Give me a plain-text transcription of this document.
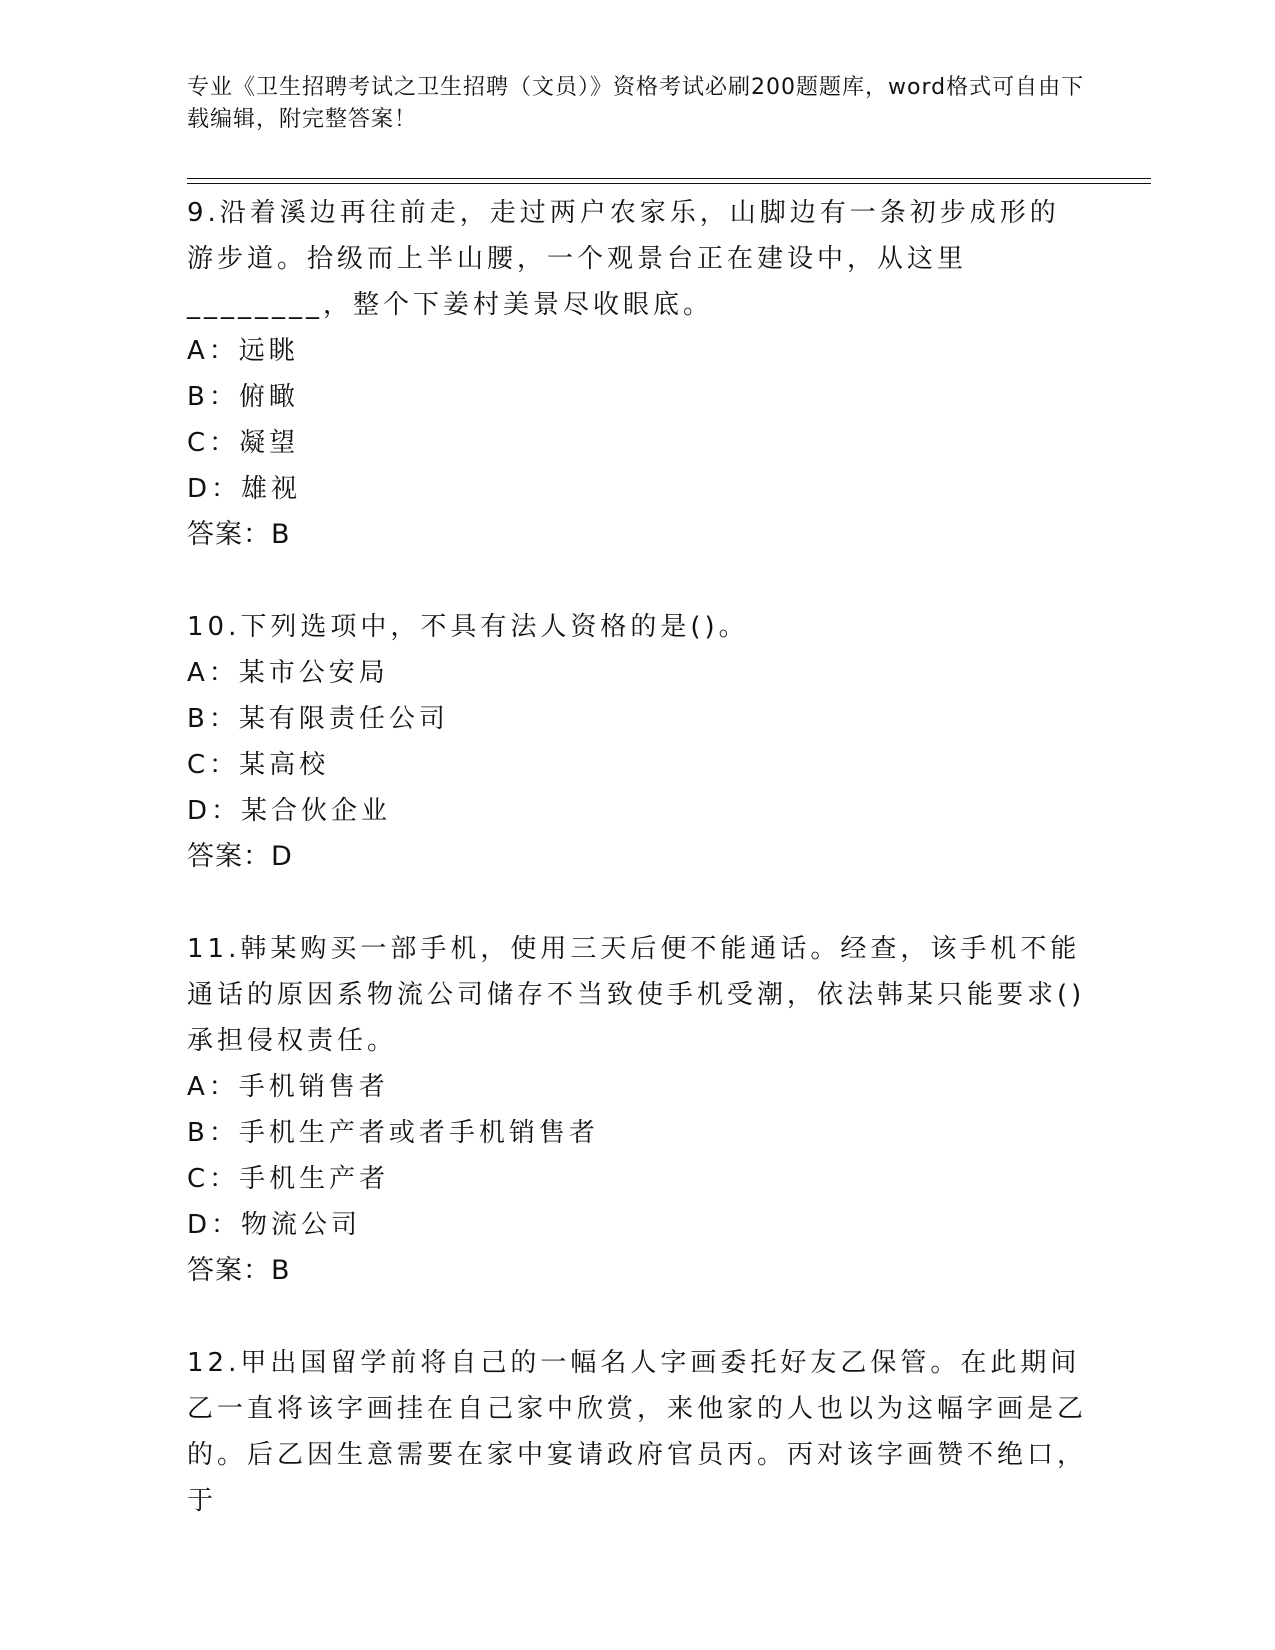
专业《卫生招聘考试之卫生招聘（文员）》资格考试必刷200题题库，word格式可自由下载编辑，附完整答案！

9.沿着溪边再往前走，走过两户农家乐，山脚边有一条初步成形的游步道。拾级而上半山腰，一个观景台正在建设中，从这里________，整个下姜村美景尽收眼底。

A：远眺

B：俯瞰

C：凝望

D：雄视

答案：B

10.下列选项中，不具有法人资格的是()。

A：某市公安局

B：某有限责任公司

C：某高校

D：某合伙企业

答案：D

11.韩某购买一部手机，使用三天后便不能通话。经查，该手机不能通话的原因系物流公司储存不当致使手机受潮，依法韩某只能要求()承担侵权责任。

A：手机销售者

B：手机生产者或者手机销售者

C：手机生产者

D：物流公司

答案：B

12.甲出国留学前将自己的一幅名人字画委托好友乙保管。在此期间乙一直将该字画挂在自己家中欣赏，来他家的人也以为这幅字画是乙的。后乙因生意需要在家中宴请政府官员丙。丙对该字画赞不绝口，于
